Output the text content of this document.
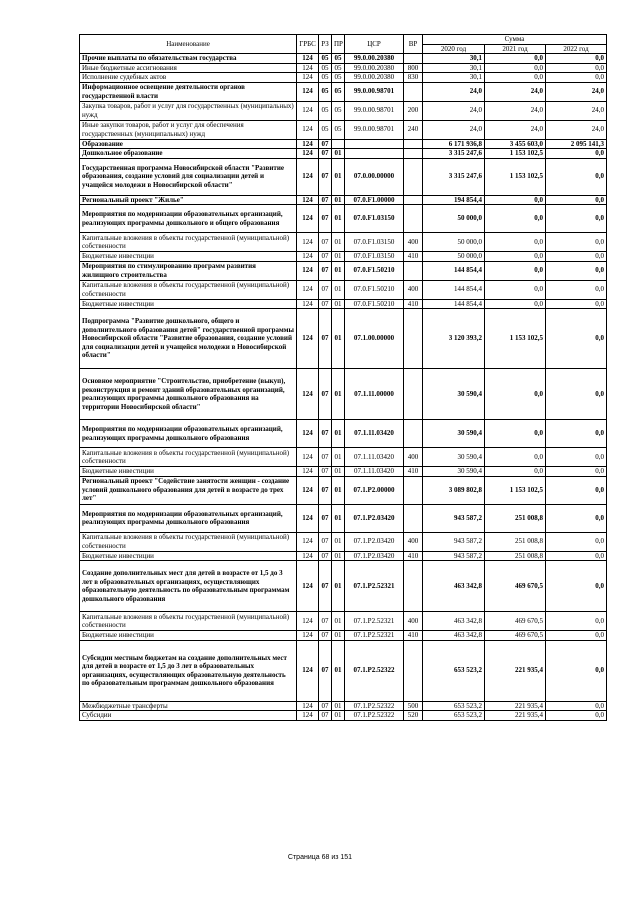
Наименование	ГРБС	РЗ	ПР	ЦСР	ВР	Сумма		
						2020 год	2021 год	2022 год
Прочие выплаты по обязательствам государства	124	05	05	99.0.00.20380		30,1	0,0	0,0
Иные бюджетные ассигнования	124	05	05	99.0.00.20380	800	30,1	0,0	0,0
Исполнение судебных актов	124	05	05	99.0.00.20380	830	30,1	0,0	0,0
Информационное освещение деятельности органов государственной власти	124	05	05	99.0.00.98701		24,0	24,0	24,0
Закупка товаров, работ и услуг для государственных (муниципальных) нужд	124	05	05	99.0.00.98701	200	24,0	24,0	24,0
Иные закупки товаров, работ и услуг для обеспечения государственных (муниципальных) нужд	124	05	05	99.0.00.98701	240	24,0	24,0	24,0
Образование	124	07				6 171 936,8	3 455 603,0	2 095 141,3
Дошкольное образование	124	07	01			3 315 247,6	1 153 102,5	0,0
Государственная программа Новосибирской области "Развитие образования, создание условий для социализации детей и учащейся молодежи в Новосибирской области"	124	07	01	07.0.00.00000		3 315 247,6	1 153 102,5	0,0
Региональный проект "Жилье"	124	07	01	07.0.F1.00000		194 854,4	0,0	0,0
Мероприятия по модернизации образовательных организаций, реализующих программы дошкольного и общего образования	124	07	01	07.0.F1.03150		50 000,0	0,0	0,0
Капитальные вложения в объекты государственной (муниципальной) собственности	124	07	01	07.0.F1.03150	400	50 000,0	0,0	0,0
Бюджетные инвестиции	124	07	01	07.0.F1.03150	410	50 000,0	0,0	0,0
Мероприятия по стимулированию программ развития жилищного строительства	124	07	01	07.0.F1.50210		144 854,4	0,0	0,0
Капитальные вложения в объекты государственной (муниципальной) собственности	124	07	01	07.0.F1.50210	400	144 854,4	0,0	0,0
Бюджетные инвестиции	124	07	01	07.0.F1.50210	410	144 854,4	0,0	0,0
Подпрограмма "Развитие дошкольного, общего и дополнительного образования детей" государственной программы Новосибирской области "Развитие образования, создание условий для социализации детей и учащейся молодежи в Новосибирской области"	124	07	01	07.1.00.00000		3 120 393,2	1 153 102,5	0,0
Основное мероприятие "Строительство, приобретение (выкуп), реконструкция и ремонт зданий образовательных организаций, реализующих программы дошкольного образования на территории Новосибирской области"	124	07	01	07.1.11.00000		30 590,4	0,0	0,0
Мероприятия по модернизации образовательных организаций, реализующих программы дошкольного образования	124	07	01	07.1.11.03420		30 590,4	0,0	0,0
Капитальные вложения в объекты государственной (муниципальной) собственности	124	07	01	07.1.11.03420	400	30 590,4	0,0	0,0
Бюджетные инвестиции	124	07	01	07.1.11.03420	410	30 590,4	0,0	0,0
Региональный проект "Содействие занятости женщин - создание условий дошкольного образования для детей в возрасте до трех лет"	124	07	01	07.1.P2.00000		3 089 802,8	1 153 102,5	0,0
Мероприятия по модернизации образовательных организаций, реализующих программы дошкольного образования	124	07	01	07.1.P2.03420		943 587,2	251 008,8	0,0
Капитальные вложения в объекты государственной (муниципальной) собственности	124	07	01	07.1.P2.03420	400	943 587,2	251 008,8	0,0
Бюджетные инвестиции	124	07	01	07.1.P2.03420	410	943 587,2	251 008,8	0,0
Создание дополнительных мест для детей в возрасте от 1,5 до 3 лет в образовательных организациях, осуществляющих образовательную деятельность по образовательным программам дошкольного образования	124	07	01	07.1.P2.52321		463 342,8	469 670,5	0,0
Капитальные вложения в объекты государственной (муниципальной) собственности	124	07	01	07.1.P2.52321	400	463 342,8	469 670,5	0,0
Бюджетные инвестиции	124	07	01	07.1.P2.52321	410	463 342,8	469 670,5	0,0
Субсидии местным бюджетам на создание дополнительных мест для детей в возрасте от 1,5 до 3 лет в образовательных организациях, осуществляющих образовательную деятельность по образовательным программам дошкольного образования	124	07	01	07.1.P2.52322		653 523,2	221 935,4	0,0
Межбюджетные трансферты	124	07	01	07.1.P2.52322	500	653 523,2	221 935,4	0,0
Субсидии	124	07	01	07.1.P2.52322	520	653 523,2	221 935,4	0,0
Страница 68 из 151
